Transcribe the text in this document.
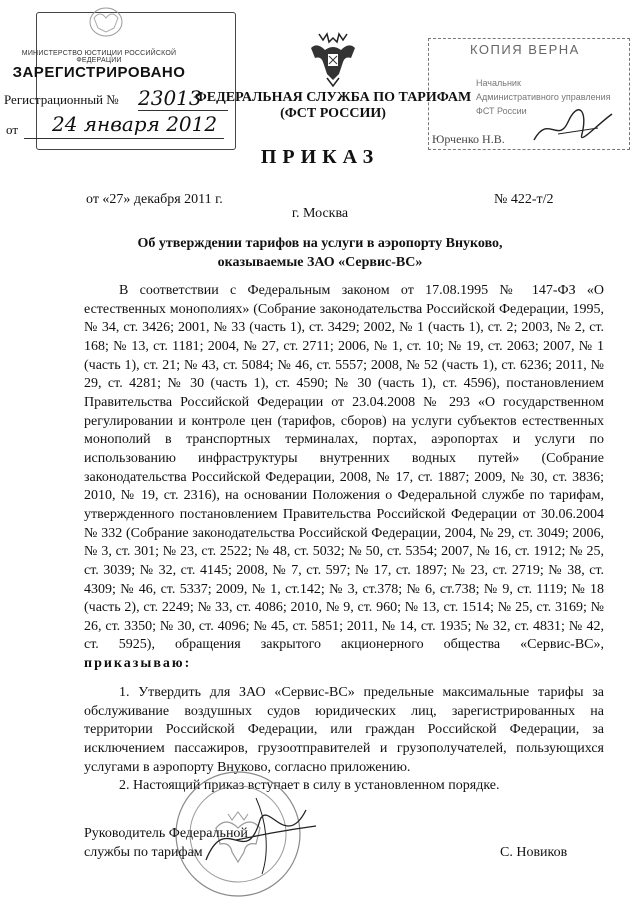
МИНИСТЕРСТВО ЮСТИЦИИ РОССИЙСКОЙ ФЕДЕРАЦИИ
ЗАРЕГИСТРИРОВАНО
Регистрационный № 23013
от 24 января 2012
КОПИЯ ВЕРНА
Начальник
Административного управления
ФСТ России
Юрченко Н.В.
ФЕДЕРАЛЬНАЯ СЛУЖБА ПО ТАРИФАМ
(ФСТ РОССИИ)
ПРИКАЗ
от «27» декабря 2011 г.	№ 422-т/2
г. Москва
Об утверждении тарифов на услуги в аэропорту Внуково,
оказываемые ЗАО «Сервис-ВС»
В соответствии с Федеральным законом от 17.08.1995 № 147-ФЗ «О естественных монополиях» (Собрание законодательства Российской Федерации, 1995, № 34, ст. 3426; 2001, № 33 (часть 1), ст. 3429; 2002, № 1 (часть 1), ст. 2; 2003, № 2, ст. 168; № 13, ст. 1181; 2004, № 27, ст. 2711; 2006, № 1, ст. 10; № 19, ст. 2063; 2007, № 1 (часть 1), ст. 21; № 43, ст. 5084; № 46, ст. 5557; 2008, № 52 (часть 1), ст. 6236; 2011, № 29, ст. 4281; № 30 (часть 1), ст. 4590; № 30 (часть 1), ст. 4596), постановлением Правительства Российской Федерации от 23.04.2008 № 293 «О государственном регулировании и контроле цен (тарифов, сборов) на услуги субъектов естественных монополий в транспортных терминалах, портах, аэропортах и услуги по использованию инфраструктуры внутренних водных путей» (Собрание законодательства Российской Федерации, 2008, № 17, ст. 1887; 2009, № 30, ст. 3836; 2010, № 19, ст. 2316), на основании Положения о Федеральной службе по тарифам, утвержденного постановлением Правительства Российской Федерации от 30.06.2004 № 332 (Собрание законодательства Российской Федерации, 2004, № 29, ст. 3049; 2006, № 3, ст. 301; № 23, ст. 2522; № 48, ст. 5032; № 50, ст. 5354; 2007, № 16, ст. 1912; № 25, ст. 3039; № 32, ст. 4145; 2008, № 7, ст. 597; № 17, ст. 1897; № 23, ст. 2719; № 38, ст. 4309; № 46, ст. 5337; 2009, № 1, ст.142; № 3, ст.378; № 6, ст.738; № 9, ст. 1119; № 18 (часть 2), ст. 2249; № 33, ст. 4086; 2010, № 9, ст. 960; № 13, ст. 1514; № 25, ст. 3169; № 26, ст. 3350; № 30, ст. 4096; № 45, ст. 5851; 2011, № 14, ст. 1935; № 32, ст. 4831; № 42, ст. 5925), обращения закрытого акционерного общества «Сервис-ВС», приказываю:
1. Утвердить для ЗАО «Сервис-ВС» предельные максимальные тарифы за обслуживание воздушных судов юридических лиц, зарегистрированных на территории Российской Федерации, или граждан Российской Федерации, за исключением пассажиров, грузоотправителей и грузополучателей, пользующихся услугами в аэропорту Внуково, согласно приложению.
2. Настоящий приказ вступает в силу в установленном порядке.
Руководитель Федеральной
службы по тарифам	С. Новиков
